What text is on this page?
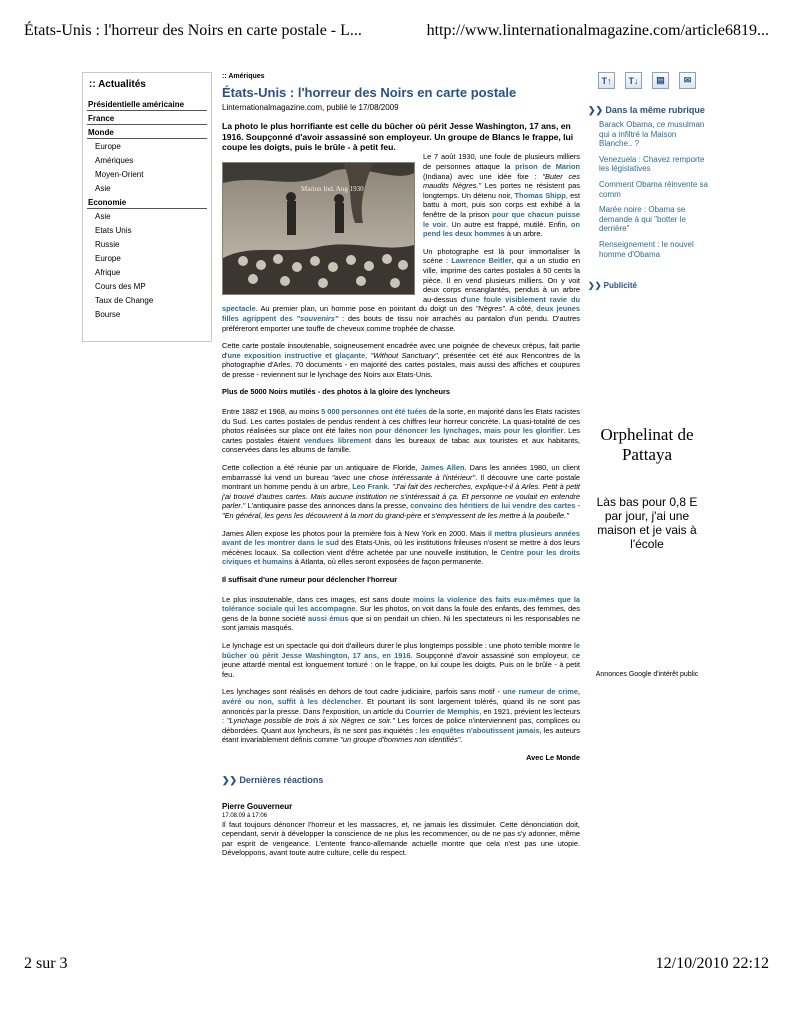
États-Unis : l'horreur des Noirs en carte postale - L...	http://www.linternationalmagazine.com/article6819...
:: Actualités
Présidentielle américaine
France
Monde
Europe
Amériques
Moyen-Orient
Asie
Economie
Asie
Etats Unis
Russie
Europe
Afrique
Cours des MP
Taux de Change
Bourse
:: Amériques
États-Unis : l'horreur des Noirs en carte postale
Linternationalmagazine.com, publié le 17/08/2009
La photo le plus horrifiante est celle du bûcher où périt Jesse Washington, 17 ans, en 1916. Soupçonné d'avoir assassiné son employeur. Un groupe de Blancs le frappe, lui coupe les doigts, puis le brûle - à petit feu.
Marion Ind. Aug 1930

Le 7 août 1930, une foule de plusieurs milliers de personnes attaque la prison de Marion (Indiana) avec une idée fixe : "Buter ces maudits Nègres." Les portes ne résistent pas longtemps. Un détenu noir, Thomas Shipp, est battu à mort, puis son corps est exhibé à la fenêtre de la prison pour que chacun puisse le voir. Un autre est frappé, mutilé. Enfin, on pend les deux hommes à un arbre.

Un photographe est là pour immortaliser la scène : Lawrence Beitler, qui a un studio en ville, imprime des cartes postales à 50 cents la pièce. Il en vend plusieurs milliers. On y voit deux corps ensanglantés, pendus à un arbre au-dessus d'une foule visiblement ravie du spectacle. Au premier plan, un homme pose en pointant du doigt un des "Nègres". A côté, deux jeunes filles agrippent des "souvenirs" : des bouts de tissu noir arrachés au pantalon d'un pendu. D'autres préféreront emporter une touffe de cheveux comme trophée de chasse.

Cette carte postale insoutenable, soigneusement encadrée avec une poignée de cheveux crépus, fait partie d'une exposition instructive et glaçante, "Without Sanctuary", présentée cet été aux Rencontres de la photographie d'Arles. 70 documents - en majorité des cartes postales, mais aussi des affiches et coupures de presse - reviennent sur le lynchage des Noirs aux Etats-Unis.

Plus de 5000 Noirs mutilés - des photos à la gloire des lyncheurs

Entre 1882 et 1968, au moins 5 000 personnes ont été tuées de la sorte, en majorité dans les Etats racistes du Sud. Les cartes postales de pendus rendent à ces chiffres leur horreur concrète. La quasi-totalité de ces photos réalisées sur place ont été faites non pour dénoncer les lynchages, mais pour les glorifier. Les cartes postales étaient vendues librement dans les bureaux de tabac aux touristes et aux habitants, conservées dans les albums de famille.

Cette collection a été réunie par un antiquaire de Floride, James Allen. Dans les années 1980, un client embarrassé lui vend un bureau "avec une chose intéressante à l'intérieur". Il découvre une carte postale montrant un homme pendu à un arbre, Leo Frank. "J'ai fait des recherches, explique-t-il à Arles. Petit à petit j'ai trouvé d'autres cartes. Mais aucune institution ne s'intéressait à ça. Et personne ne voulait en entendre parler." L'antiquaire passe des annonces dans la presse, convainc des héritiers de lui vendre des cartes - "En général, les gens les découvrent à la mort du grand-père et s'empressent de les mettre à la poubelle."

James Allen expose les photos pour la première fois à New York en 2000. Mais il mettra plusieurs années avant de les montrer dans le sud des Etats-Unis, où les institutions frileuses n'osent se mettre à dos leurs mécènes locaux. Sa collection vient d'être achetée par une nouvelle institution, le Centre pour les droits civiques et humains à Atlanta, où elles seront exposées de façon permanente.

Il suffisait d'une rumeur pour déclencher l'horreur

Le plus insoutenable, dans ces images, est sans doute moins la violence des faits eux-mêmes que la tolérance sociale qui les accompagne. Sur les photos, on voit dans la foule des enfants, des femmes, des gens de la bonne société aussi émus que si on pendait un chien. Ni les spectateurs ni les responsables ne sont jamais masqués.

Le lynchage est un spectacle qui doit d'ailleurs durer le plus longtemps possible : une photo terrible montre le bûcher où périt Jesse Washington, 17 ans, en 1916. Soupçonné d'avoir assassiné son employeur, ce jeune attardé mental est longuement torturé : on le frappe, on lui coupe les doigts. Puis on le brûle - à petit feu.

Les lynchages sont réalisés en dehors de tout cadre judiciaire, parfois sans motif - une rumeur de crime, avéré ou non, suffit à les déclencher. Et pourtant ils sont largement tolérés, quand ils ne sont pas annoncés par la presse. Dans l'exposition, un article du Courrier de Memphis, en 1921, prévient les lecteurs : "Lynchage possible de trois à six Nègres ce soir." Les forces de police n'interviennent pas, complices ou débordées. Quant aux lyncheurs, ils ne sont pas inquiétés : les enquêtes n'aboutissent jamais, les auteurs étant invariablement définis comme "un groupe d'hommes non identifiés".

Avec Le Monde
❯❯ Dernières réactions
Pierre Gouverneur
17.08.09 à 17:06

Il faut toujours dénoncer l'horreur et les massacres, et, ne jamais les dissimuler. Cette dénonciation doit, cependant, servir à développer la conscience de ne plus les recommencer, ou de ne pas s'y adonner, même par esprit de vengeance. L'entente franco-allemande actuelle montre que cela n'est pas une utopie. Développons, avant toute autre culture, celle du respect.

T↑	T↓	▤	✉
❯❯ Dans la même rubrique
Barack Obama, ce musulman qui a infiltré la Maison Blanche.. ?
Venezuela : Chavez remporte les législatives
Comment Obama réinvente sa comm
Marée noire : Obama se demande à qui "botter le derrière"
Renseignement : le nouvel homme d'Obama
❯❯ Publicité
Orphelinat de Pattaya
Làs bas pour 0,8 E par jour, j'ai une maison et je vais à l'école
Annonces Google d'intérêt public
2 sur 3	12/10/2010 22:12
